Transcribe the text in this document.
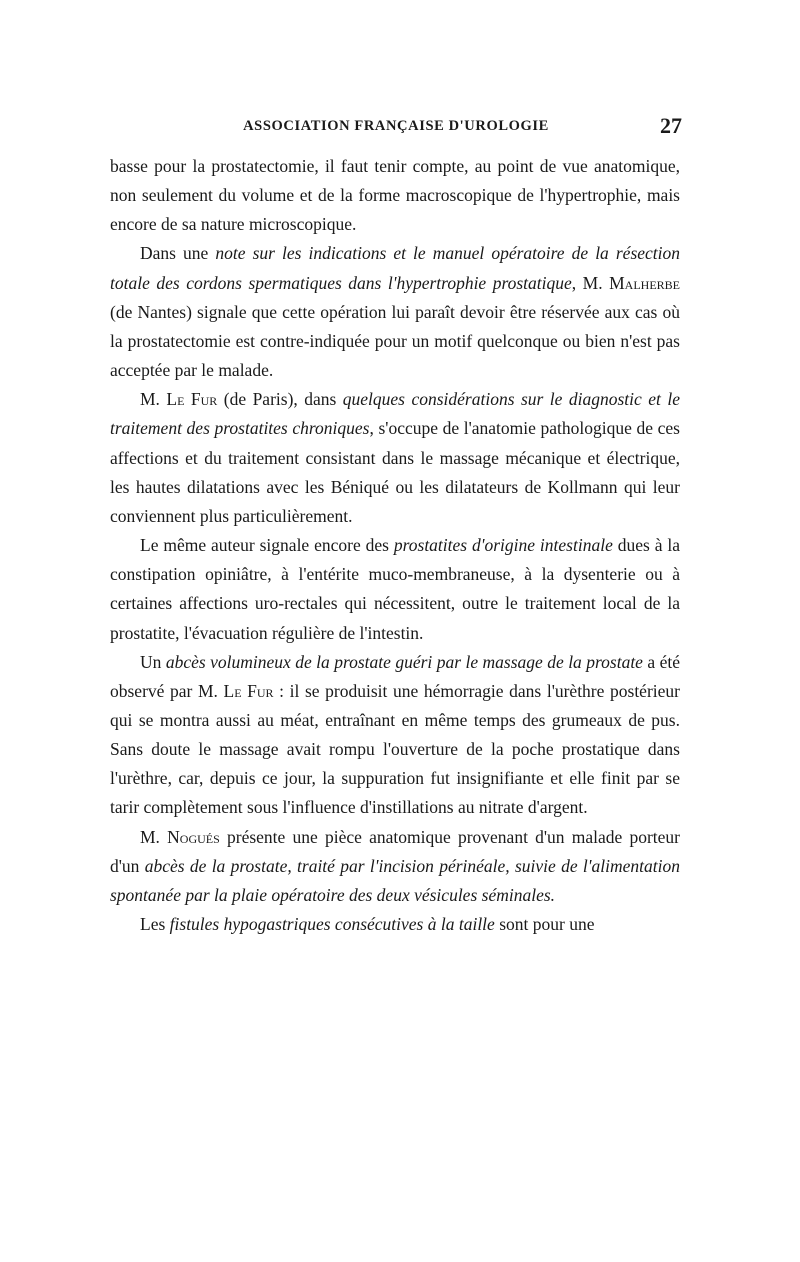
ASSOCIATION FRANÇAISE D'UROLOGIE	27

basse pour la prostatectomie, il faut tenir compte, au point de vue anatomique, non seulement du volume et de la forme macroscopique de l'hypertrophie, mais encore de sa nature microscopique.

Dans une note sur les indications et le manuel opératoire de la résection totale des cordons spermatiques dans l'hypertrophie prostatique, M. Malherbe (de Nantes) signale que cette opération lui paraît devoir être réservée aux cas où la prostatectomie est contre-indiquée pour un motif quelconque ou bien n'est pas acceptée par le malade.

M. Le Fur (de Paris), dans quelques considérations sur le diagnostic et le traitement des prostatites chroniques, s'occupe de l'anatomie pathologique de ces affections et du traitement consistant dans le massage mécanique et électrique, les hautes dilatations avec les Béniqué ou les dilatateurs de Kollmann qui leur conviennent plus particulièrement.

Le même auteur signale encore des prostatites d'origine intestinale dues à la constipation opiniâtre, à l'entérite muco-membraneuse, à la dysenterie ou à certaines affections uro-rectales qui nécessitent, outre le traitement local de la prostatite, l'évacuation régulière de l'intestin.

Un abcès volumineux de la prostate guéri par le massage de la prostate a été observé par M. Le Fur : il se produisit une hémorragie dans l'urèthre postérieur qui se montra aussi au méat, entraînant en même temps des grumeaux de pus. Sans doute le massage avait rompu l'ouverture de la poche prostatique dans l'urèthre, car, depuis ce jour, la suppuration fut insignifiante et elle finit par se tarir complètement sous l'influence d'instillations au nitrate d'argent.

M. Nogués présente une pièce anatomique provenant d'un malade porteur d'un abcès de la prostate, traité par l'incision périnéale, suivie de l'alimentation spontanée par la plaie opératoire des deux vésicules séminales.

Les fistules hypogastriques consécutives à la taille sont pour une
